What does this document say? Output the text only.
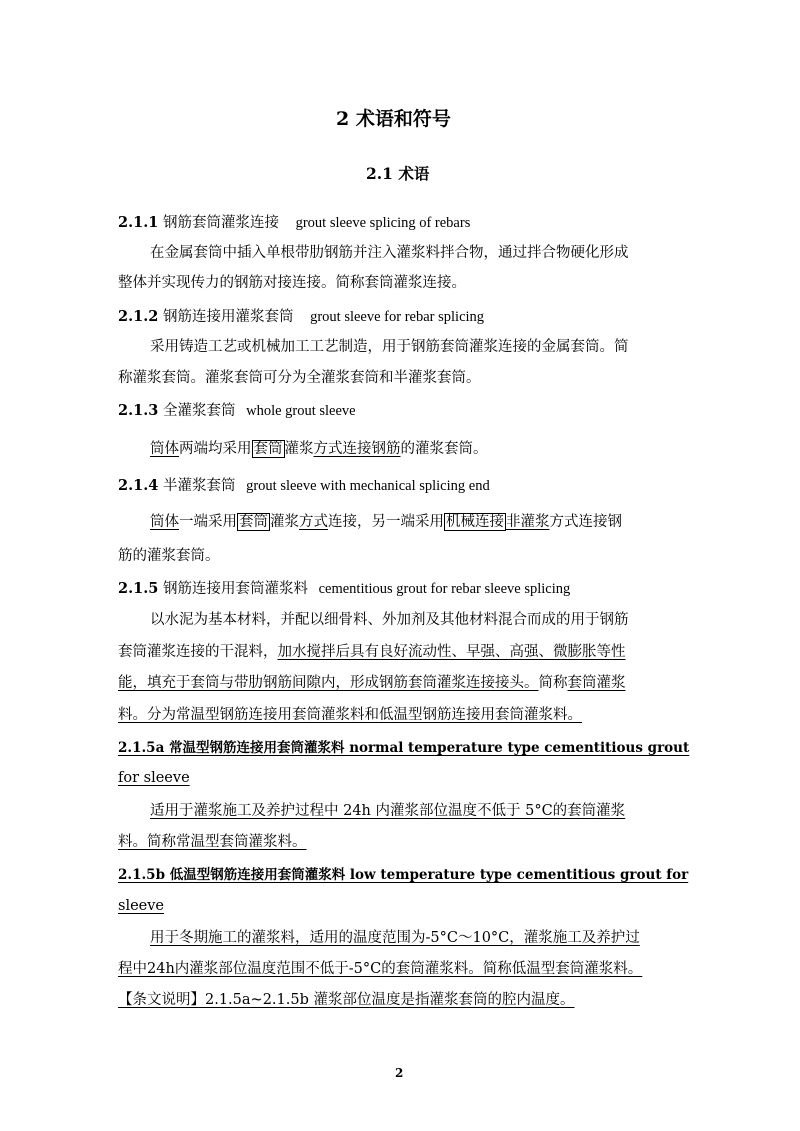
2 术语和符号
2.1 术语
2.1.1 钢筋套筒灌浆连接 grout sleeve splicing of rebars
在金属套筒中插入单根带肋钢筋并注入灌浆料拌合物，通过拌合物硬化形成
整体并实现传力的钢筋对接连接。简称套筒灌浆连接。
2.1.2 钢筋连接用灌浆套筒 grout sleeve for rebar splicing
采用铸造工艺或机械加工工艺制造，用于钢筋套筒灌浆连接的金属套筒。简
称灌浆套筒。灌浆套筒可分为全灌浆套筒和半灌浆套筒。
2.1.3 全灌浆套筒 whole grout sleeve
筒体两端均采用 套筒 灌浆方式连接钢筋的灌浆套筒。
2.1.4 半灌浆套筒 grout sleeve with mechanical splicing end
筒体一端采用 套筒 灌浆方式连接，另一端采用 机械连接 非灌浆方式连接钢
筋的灌浆套筒。
2.1.5 钢筋连接用套筒灌浆料 cementitious grout for rebar sleeve splicing
以水泥为基本材料，并配以细骨料、外加剂及其他材料混合而成的用于钢筋
套筒灌浆连接的干混料，加水搅拌后具有良好流动性、早强、高强、微膨胀等性
能，填充于套筒与带肋钢筋间隙内，形成钢筋套筒灌浆连接接头。简称套筒灌浆
料。分为常温型钢筋连接用套筒灌浆料和低温型钢筋连接用套筒灌浆料。
2.1.5a 常温型钢筋连接用套筒灌浆料 normal temperature type cementitious grout
for sleeve
适用于灌浆施工及养护过程中 24h 内灌浆部位温度不低于 5°C的套筒灌浆
料。简称常温型套筒灌浆料。
2.1.5b 低温型钢筋连接用套筒灌浆料 low temperature type cementitious grout for
sleeve
用于冬期施工的灌浆料，适用的温度范围为-5°C～10°C，灌浆施工及养护过
程中24h内灌浆部位温度范围不低于-5°C的套筒灌浆料。简称低温型套筒灌浆料。
【条文说明】2.1.5a~2.1.5b 灌浆部位温度是指灌浆套筒的腔内温度。
2
